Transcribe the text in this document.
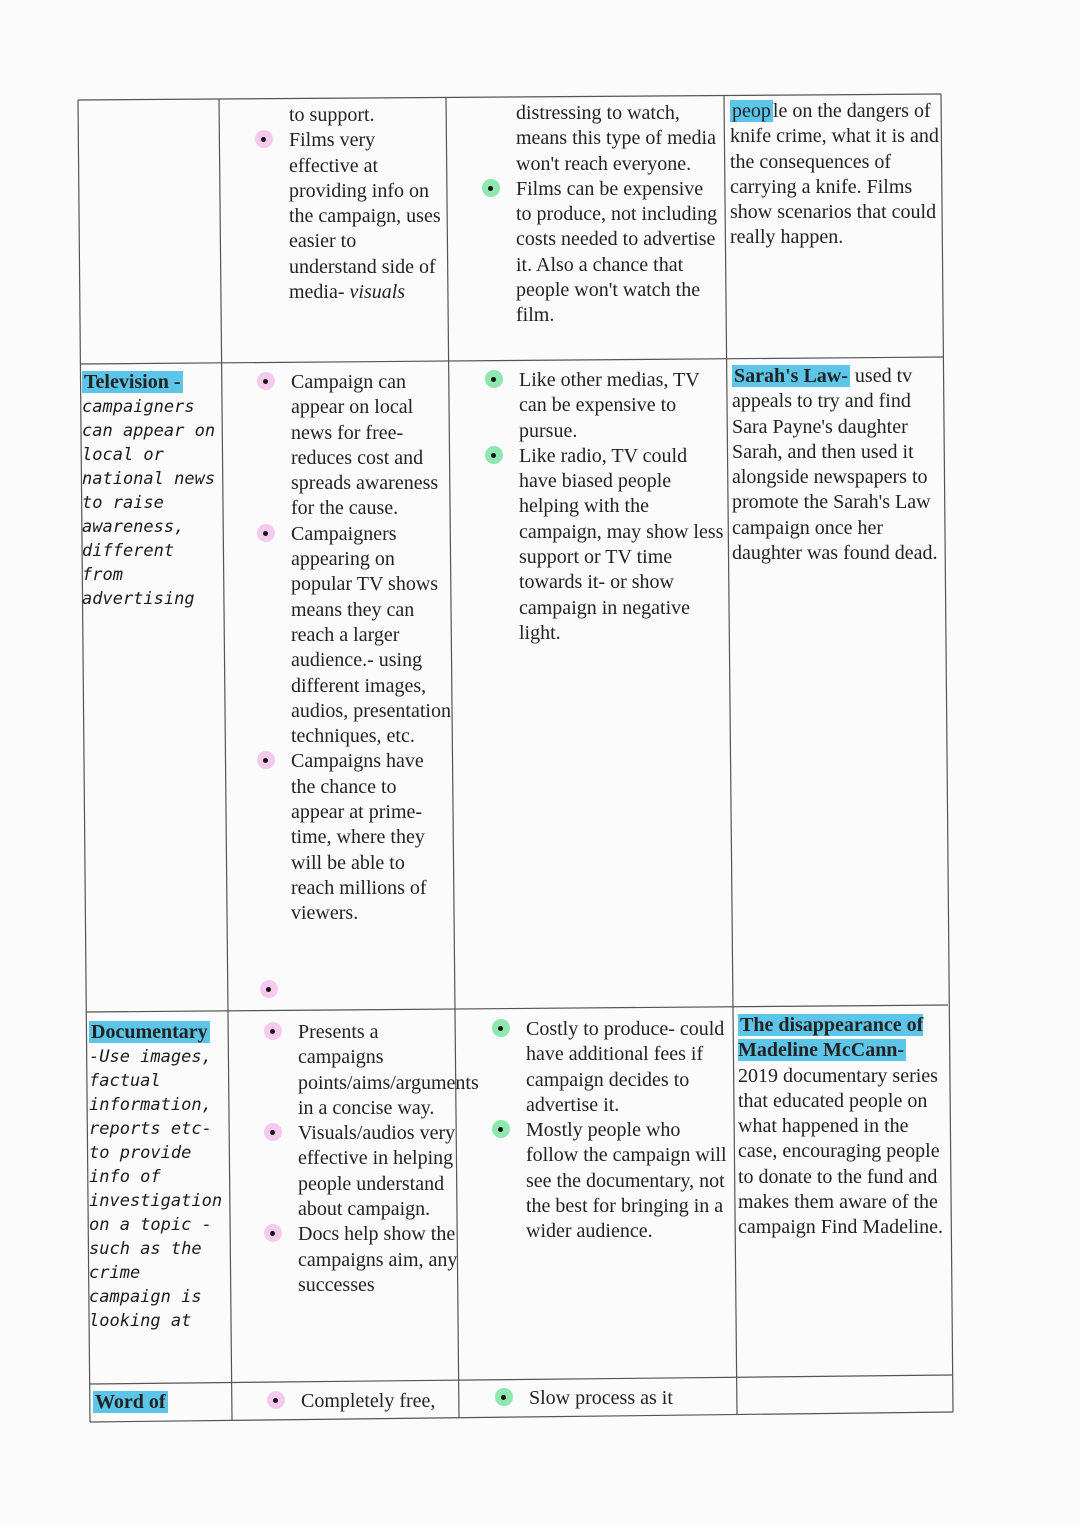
to support.

Films very effective at providing info on the campaign, uses easier to understand side of media- visuals

distressing to watch, means this type of media won't reach everyone.

Films can be expensive to produce, not including costs needed to advertise it. Also a chance that people won't watch the film.

peop le on the dangers of knife crime, what it is and the consequences of carrying a knife. Films show scenarios that could really happen.

Television -

campaigners can appear on local or national news to raise awareness, different from advertising

Campaign can appear on local news for free- reduces cost and spreads awareness for the cause.

Campaigners appearing on popular TV shows means they can reach a larger audience.- using different images, audios, presentation techniques, etc.

Campaigns have the chance to appear at prime-time, where they will be able to reach millions of viewers.

Like other medias, TV can be expensive to pursue.

Like radio, TV could have biased people helping with the campaign, may show less support or TV time towards it- or show campaign in negative light.

Sarah's Law- used tv appeals to try and find Sara Payne's daughter Sarah, and then used it alongside newspapers to promote the Sarah's Law campaign once her daughter was found dead.

Documentary

-Use images, factual information, reports etc- to provide info of investigation on a topic - such as the crime campaign is looking at

Presents a campaigns points/aims/arguments in a concise way.

Visuals/audios very effective in helping people understand about campaign.

Docs help show the campaigns aim, any successes

Costly to produce- could have additional fees if campaign decides to advertise it.

Mostly people who follow the campaign will see the documentary, not the best for bringing in a wider audience.

The disappearance of Madeline McCann-

2019 documentary series that educated people on what happened in the case, encouraging people to donate to the fund and makes them aware of the campaign Find Madeline.

Word of	Completely free,	Slow process as it
